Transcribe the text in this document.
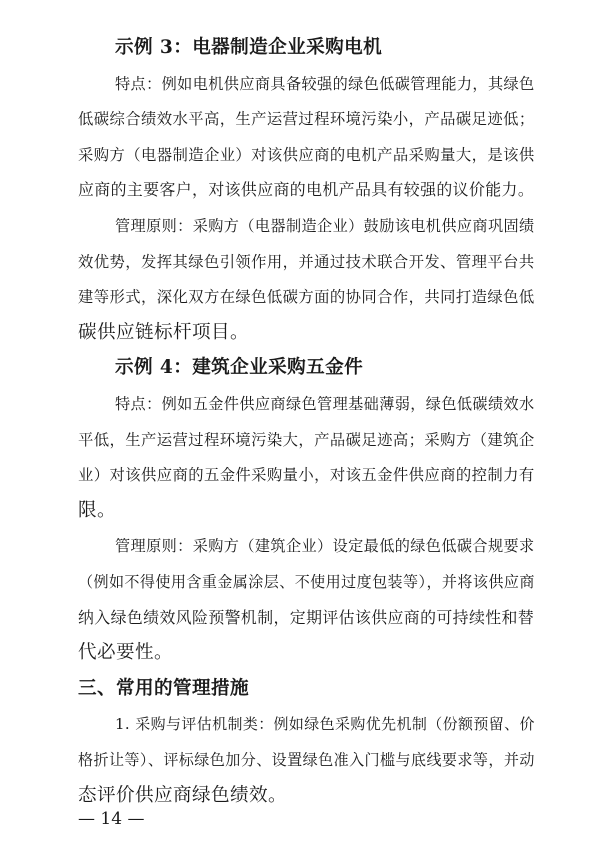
示例 3：电器制造企业采购电机
特点：例如电机供应商具备较强的绿色低碳管理能力，其绿色
低碳综合绩效水平高，生产运营过程环境污染小，产品碳足迹低；
采购方（电器制造企业）对该供应商的电机产品采购量大，是该供
应商的主要客户，对该供应商的电机产品具有较强的议价能力。
管理原则：采购方（电器制造企业）鼓励该电机供应商巩固绩
效优势，发挥其绿色引领作用，并通过技术联合开发、管理平台共
建等形式，深化双方在绿色低碳方面的协同合作，共同打造绿色低
碳供应链标杆项目。
示例 4：建筑企业采购五金件
特点：例如五金件供应商绿色管理基础薄弱，绿色低碳绩效水
平低，生产运营过程环境污染大，产品碳足迹高；采购方（建筑企
业）对该供应商的五金件采购量小，对该五金件供应商的控制力有
限。
管理原则：采购方（建筑企业）设定最低的绿色低碳合规要求
（例如不得使用含重金属涂层、不使用过度包装等），并将该供应商
纳入绿色绩效风险预警机制，定期评估该供应商的可持续性和替
代必要性。
三、常用的管理措施
1. 采购与评估机制类：例如绿色采购优先机制（份额预留、价
格折让等）、评标绿色加分、设置绿色准入门槛与底线要求等，并动
态评价供应商绿色绩效。
— 14 —
